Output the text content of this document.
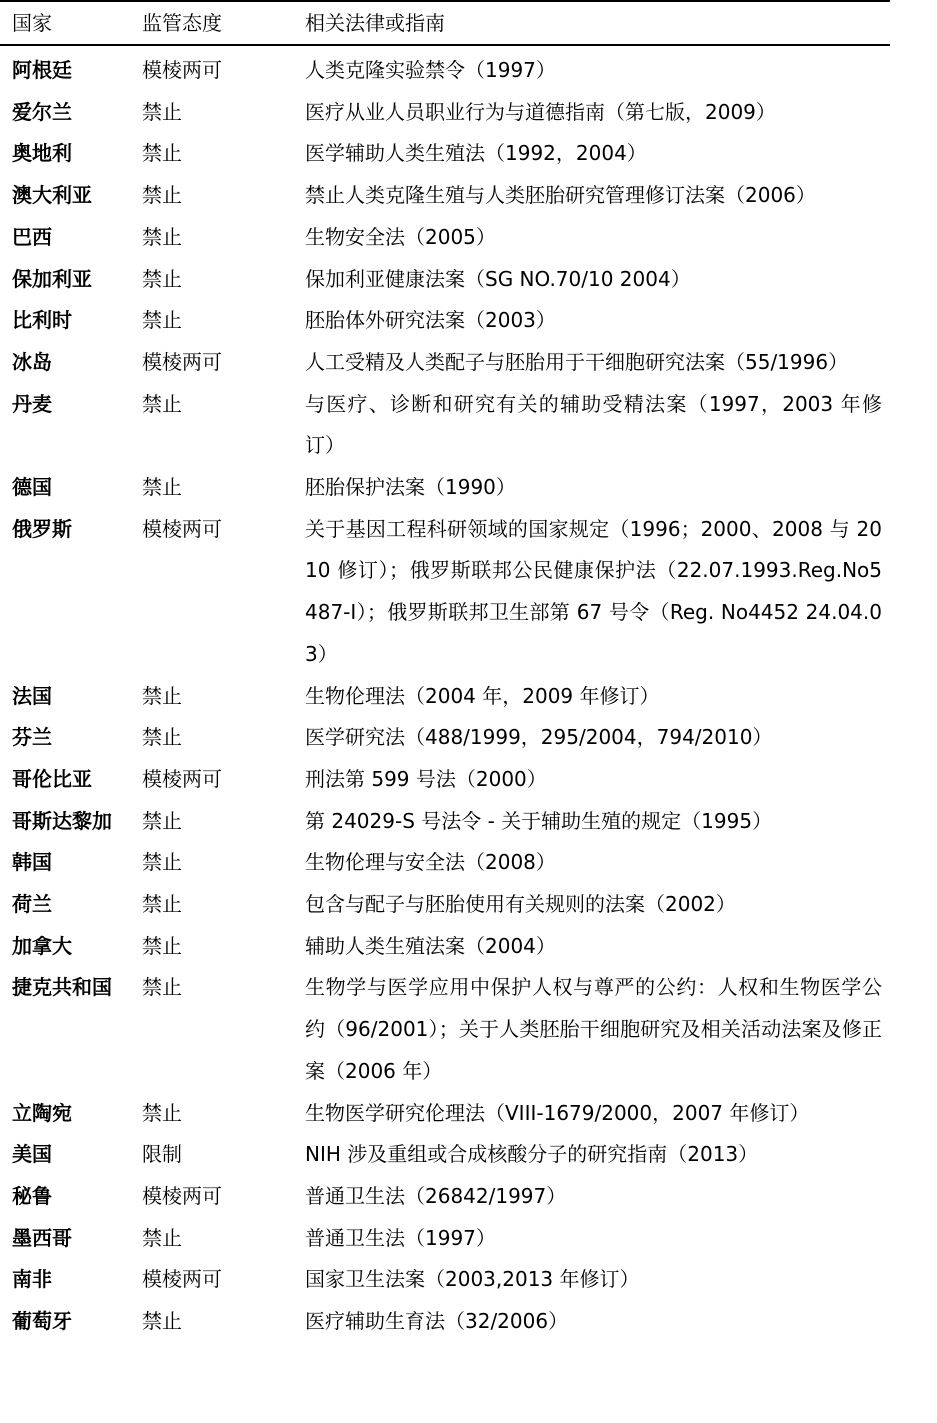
国家	监管态度	相关法律或指南
阿根廷	模棱两可	人类克隆实验禁令（1997）
爱尔兰	禁止	医疗从业人员职业行为与道德指南（第七版，2009）
奥地利	禁止	医学辅助人类生殖法（1992，2004）
澳大利亚	禁止	禁止人类克隆生殖与人类胚胎研究管理修订法案（2006）
巴西	禁止	生物安全法（2005）
保加利亚	禁止	保加利亚健康法案（SG NO.70/10 2004）
比利时	禁止	胚胎体外研究法案（2003）
冰岛	模棱两可	人工受精及人类配子与胚胎用于干细胞研究法案（55/1996）
丹麦	禁止	与医疗、诊断和研究有关的辅助受精法案（1997，2003 年修订）
德国	禁止	胚胎保护法案（1990）
俄罗斯	模棱两可	关于基因工程科研领域的国家规定（1996；2000、2008 与 2010 修订）；俄罗斯联邦公民健康保护法（22.07.1993.Reg.No5487-I）；俄罗斯联邦卫生部第 67 号令（Reg. No4452 24.04.03）
法国	禁止	生物伦理法（2004 年，2009 年修订）
芬兰	禁止	医学研究法（488/1999，295/2004，794/2010）
哥伦比亚	模棱两可	刑法第 599 号法（2000）
哥斯达黎加	禁止	第 24029-S 号法令 - 关于辅助生殖的规定（1995）
韩国	禁止	生物伦理与安全法（2008）
荷兰	禁止	包含与配子与胚胎使用有关规则的法案（2002）
加拿大	禁止	辅助人类生殖法案（2004）
捷克共和国	禁止	生物学与医学应用中保护人权与尊严的公约：人权和生物医学公约（96/2001）；关于人类胚胎干细胞研究及相关活动法案及修正案（2006 年）
立陶宛	禁止	生物医学研究伦理法（VIII-1679/2000，2007 年修订）
美国	限制	NIH 涉及重组或合成核酸分子的研究指南（2013）
秘鲁	模棱两可	普通卫生法（26842/1997）
墨西哥	禁止	普通卫生法（1997）
南非	模棱两可	国家卫生法案（2003,2013 年修订）
葡萄牙	禁止	医疗辅助生育法（32/2006）
